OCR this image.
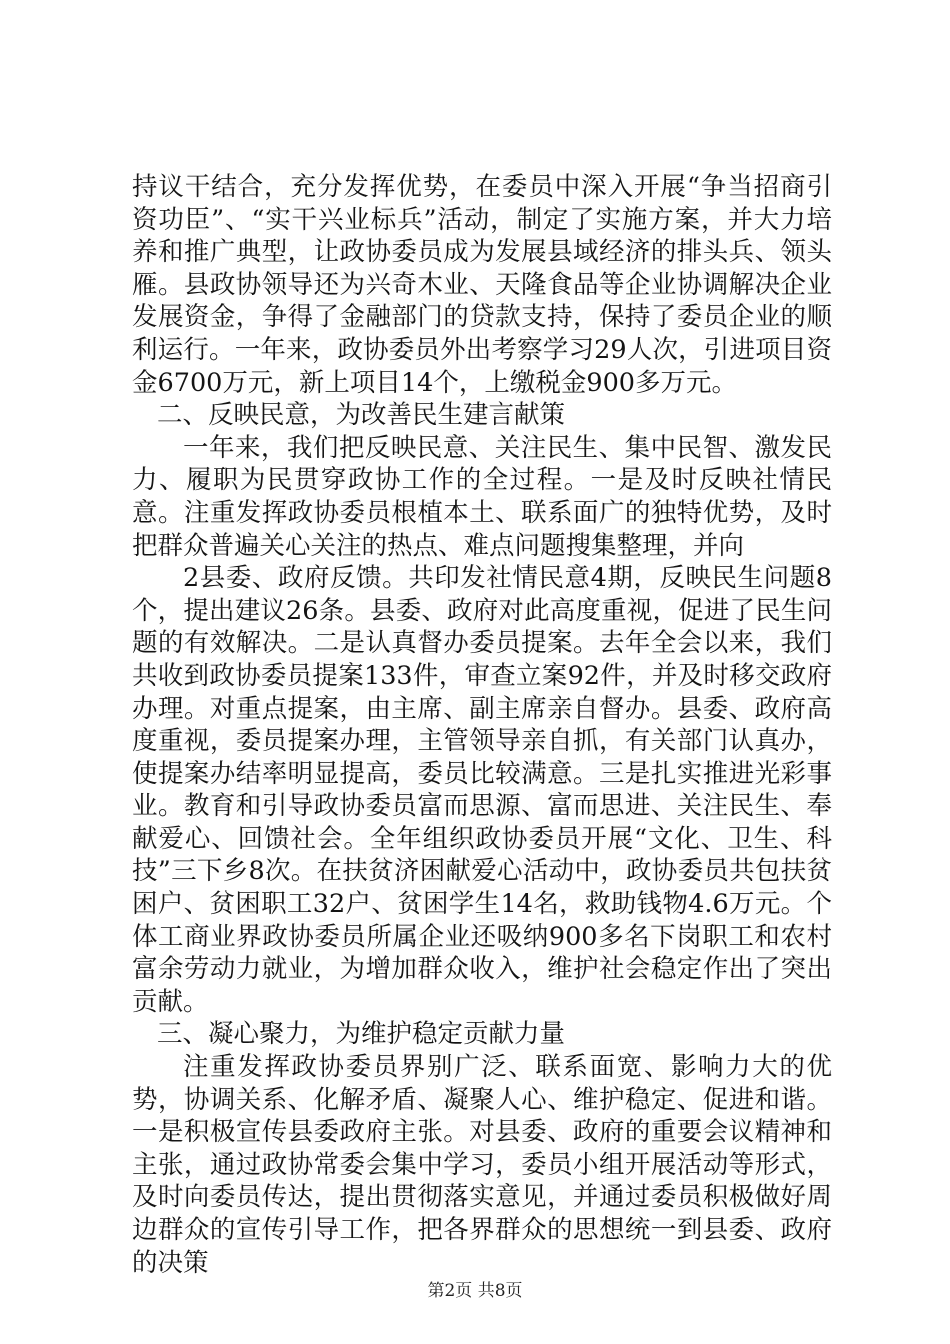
持议干结合，充分发挥优势，在委员中深入开展“争当招商引资功臣”、“实干兴业标兵”活动，制定了实施方案，并大力培养和推广典型，让政协委员成为发展县域经济的排头兵、领头雁。县政协领导还为兴奇木业、天隆食品等企业协调解决企业发展资金，争得了金融部门的贷款支持，保持了委员企业的顺利运行。一年来，政协委员外出考察学习29人次，引进项目资金6700万元，新上项目14个，上缴税金900多万元。

二、反映民意，为改善民生建言献策

一年来，我们把反映民意、关注民生、集中民智、激发民力、履职为民贯穿政协工作的全过程。一是及时反映社情民意。注重发挥政协委员根植本土、联系面广的独特优势，及时把群众普遍关心关注的热点、难点问题搜集整理，并向

2县委、政府反馈。共印发社情民意4期，反映民生问题8个，提出建议26条。县委、政府对此高度重视，促进了民生问题的有效解决。二是认真督办委员提案。去年全会以来，我们共收到政协委员提案133件，审查立案92件，并及时移交政府办理。对重点提案，由主席、副主席亲自督办。县委、政府高度重视，委员提案办理，主管领导亲自抓，有关部门认真办，使提案办结率明显提高，委员比较满意。三是扎实推进光彩事业。教育和引导政协委员富而思源、富而思进、关注民生、奉献爱心、回馈社会。全年组织政协委员开展“文化、卫生、科技”三下乡8次。在扶贫济困献爱心活动中，政协委员共包扶贫困户、贫困职工32户、贫困学生14名，救助钱物4.6万元。个体工商业界政协委员所属企业还吸纳900多名下岗职工和农村富余劳动力就业，为增加群众收入，维护社会稳定作出了突出贡献。

三、凝心聚力，为维护稳定贡献力量

注重发挥政协委员界别广泛、联系面宽、影响力大的优势，协调关系、化解矛盾、凝聚人心、维护稳定、促进和谐。一是积极宣传县委政府主张。对县委、政府的重要会议精神和主张，通过政协常委会集中学习，委员小组开展活动等形式，及时向委员传达，提出贯彻落实意见，并通过委员积极做好周边群众的宣传引导工作，把各界群众的思想统一到县委、政府的决策

第2页 共8页
